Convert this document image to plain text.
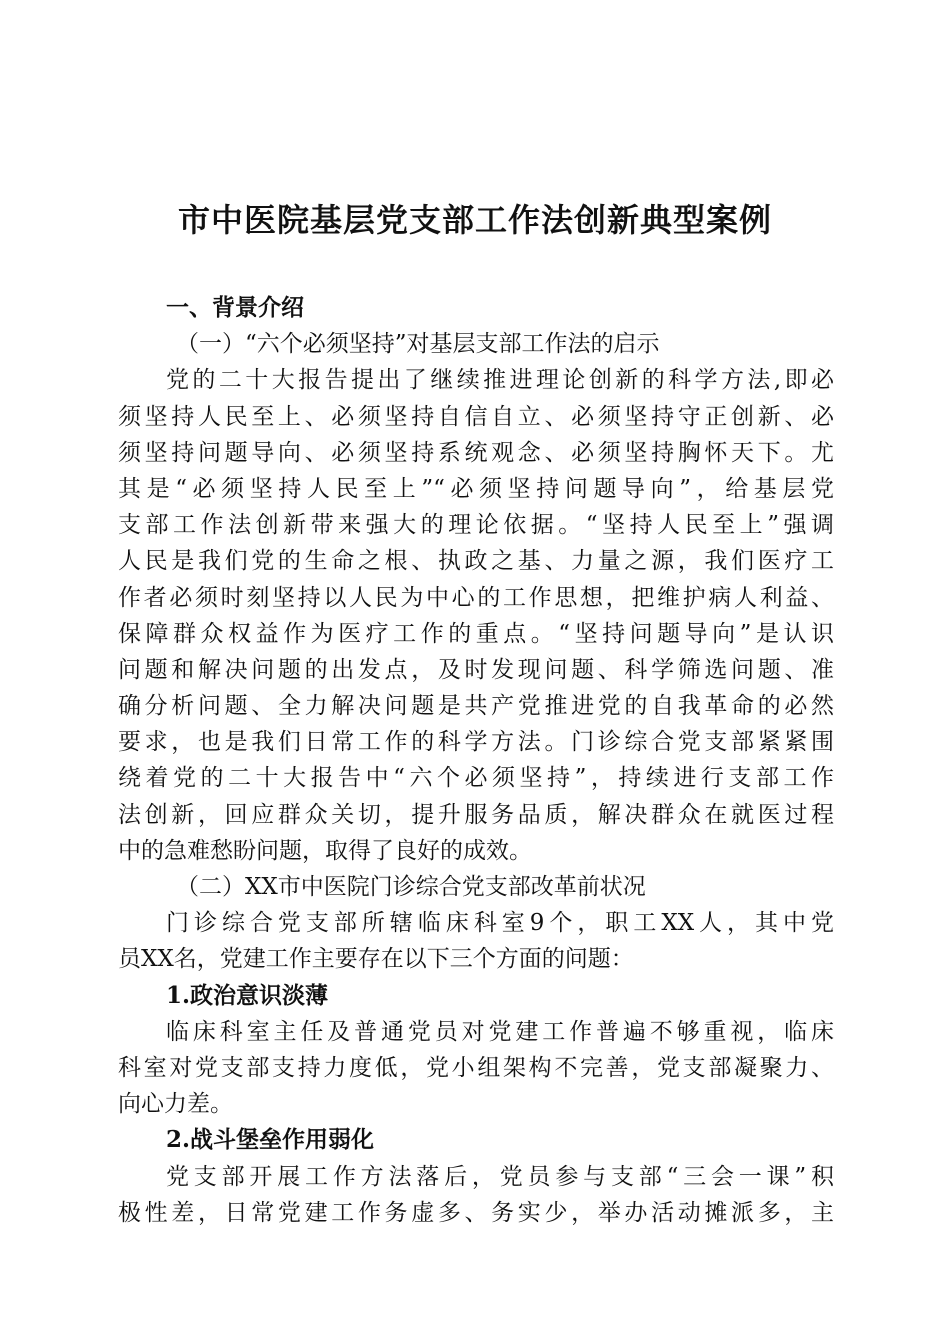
市中医院基层党支部工作法创新典型案例

一、背景介绍

（一）“六个必须坚持”对基层支部工作法的启示

党的二十大报告提出了继续推进理论创新的科学方法,即必

须坚持人民至上、必须坚持自信自立、必须坚持守正创新、必

须坚持问题导向、必须坚持系统观念、必须坚持胸怀天下。尤

其是“必须坚持人民至上”“必须坚持问题导向”，给基层党

支部工作法创新带来强大的理论依据。“坚持人民至上”强调

人民是我们党的生命之根、执政之基、力量之源，我们医疗工

作者必须时刻坚持以人民为中心的工作思想，把维护病人利益、

保障群众权益作为医疗工作的重点。“坚持问题导向”是认识

问题和解决问题的出发点，及时发现问题、科学筛选问题、准

确分析问题、全力解决问题是共产党推进党的自我革命的必然

要求，也是我们日常工作的科学方法。门诊综合党支部紧紧围

绕着党的二十大报告中“六个必须坚持”，持续进行支部工作

法创新，回应群众关切，提升服务品质，解决群众在就医过程

中的急难愁盼问题，取得了良好的成效。

（二）XX市中医院门诊综合党支部改革前状况

门诊综合党支部所辖临床科室9个，职工XX人，其中党

员XX名，党建工作主要存在以下三个方面的问题：

1.政治意识淡薄

临床科室主任及普通党员对党建工作普遍不够重视，临床

科室对党支部支持力度低，党小组架构不完善，党支部凝聚力、

向心力差。

2.战斗堡垒作用弱化

党支部开展工作方法落后，党员参与支部“三会一课”积

极性差，日常党建工作务虚多、务实少，举办活动摊派多，主
